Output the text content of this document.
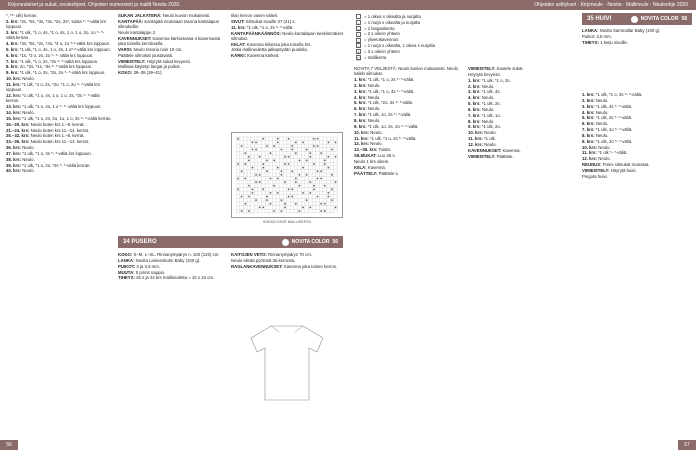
Kirjoneuleiset ja sukat, neuleohjeet. Ohjeiden numerointi ja mallit Novita 2020.

*, **- ulk) kerran.

2. krs: *2s, *5s, *3s, *3s, *2s, 2s*, toista *- *-väliä krs loppuun.

3. krs: *1 ulk, *1 o, 4s, *1 o, 4s, 1 o, 1 o, 2o, 1o *- *-väliä kerran.

4. krs: *3s, *5s, *2s, *4o, *4 o, 1o *-*-väliä krs loppuun.

5. krs: *1 ulk, *1 o, 4s, 1 o, 4s, 1 o*-*-väliä krs loppuun.

6. krs: *1s, *3 o, 2s, 2o *- *- väliä krs loppuun.

7. krs: *1 ulk, *1 o, 2s, *2s *- *-väliä krs loppuun.

8. krs: 2o, *2s, *1s, *3s *- *-väliä krs loppuun.

9. krs: *1 ulk, *1 o, 2s, *2s, 2o *- *-väliä krs loppuun.

10. krs: Neulo.

11. krs: *1 ulk, *1 o, 2s, *2o, *1 o, 2o *- *-väliä krs loppuun.

12. krs: *1 ulk, *1 o, 4s, 1 o, 1 o, 2s, *2s *- *-väliä kerran.

13. krs: *1 ulk, *1 o, 4s, 1 o *- *- väliä krs loppuun.

14. krs: Neulo.

15. krs: *1 ulk, *1 o, 2s, 2o, 1o, 1 o, 2s *- *-väliä kerran.

16.–20. krs: Neulo kuten krs 1.–9. kerrat.

21.–24. krs: Neulo kuten krs 11.–14. kerrat.

25.–32. krs: Neulo kuten krs 1.–8. kerrat.

33.–35. krs: Neulo kuten krs 11.–13. kerrat.

36. krs: Neulo.

37. krs: *1 ulk, *1 o, 4s *- *-väliä krs loppuun.

38. krs: Neulo.

39. krs: *1 ulk, *1 o, 2s, *2s *- *-väliä kerran.

40. krs: Neulo.

SUKAN JALKATERÄ: Neulo kuvion mukaisesti.

KANTAPÄÄ: Kantapää neulotaan tasona kantalapun silmukoilla.

Neulo kantalappu 2.

KAVENNUKSET: Kavenna kärkiosassa 4 kavennusta joka toisella kerroksella.

VARSI: Neulo resoria noin 10 cm.

Päättele silmukat joustavasti.

VIIMEISTELY: Höyrytä sukat kevyesti.

Mallissa käytetyt langat ja puikot.

KOKO: 36–38 (39–41).

tilan kerron vasen välieli.

SIVUT: Silmukat sivuille 37 (41) s.

11. krs: *1 ulk, *1 o, 2s *- *-väliä.

KANTAPÄÄNKÄÄNNÖS: Neulo kantalapun keskimmäiset silmukat.

KIILAT: Kavenna kiiloissa joka toisella krs.

Jatka mallineuletta jalkapöydän puolella.

KÄRKI: Kavenna kärkeä.

SUKKA OHJE MALLIKERTA
34 PUSERO	NOVITA COLOR 56

KOKO: S–M, L–XL. Rinnanympärys n. 100 (120) cm.

LANKA: Novita Laineenkolm Baby (100 g).

PUIKOT: 3 ja 3,5 mm.

MUUTA: 5 pinnit nappia.

TIHEYS: 26 s ja 34 krs mallineuletta = 10 x 10 cm.

KAITOJEN VETO: Rinnanympärys 70 cm.

Neulo sileää pyörönä 36 kerrosta.

RAGLANKAVENNUKSET: Kavenna joka toinen kerros.

56
Ohjeiden selitykset · Kirjoneule · Novita · Mallineule · Neuleohje 2020
= 1 oikea s oikealta ja nurjalta
•	= 1 nurja s oikealta ja nurjalta
o	= 1 langankierto
/	= 2 s oikein yhteen
\	= ylivetokavennus
−	= 1 nurja s oikealta, 1 oikea s nurjalta
Λ = 3 s oikein yhteen
▢ = mallikerta

NOVITA 7 VELJESTÄ: Neulo kuvion mukaisesti. Neulo kaikki silmukat.

1. krs: *1 ulk, *1 o, 2s *- *-väliä.

2. krs: Neulo.

3. krs: *1 ulk, *1 o, 4s *- *-väliä.

4. krs: Neulo.

5. krs: *1 ulk, *2o, 2s *- *-väliä.

6. krs: Neulo.

7. krs: *1 ulk, 1o, 2s *- *-väliä.

8. krs: Neulo.

9. krs: *1 ulk, 1o, 2s, 2o *- *-väliä.

10. krs: Neulo.

11. krs: *1 ulk, *1 o, 2s *- *-väliä.

12. krs: Neulo.

13.–36. krs: Toista.

SILMUKAT: Luo 48 s.

Neulo 1 krs oikein.

KIILA: Kavenna.

PÄÄTTELY: Päättele s.

VIIMEISTELY: Kastele sukat.

Höyrytä kevyesti.

1. krs: *1 ulk, *1 o, 2s.

2. krs: Neulo.

3. krs: *1 ulk, 4s.

4. krs: Neulo.

5. krs: *1 ulk, 2s.

6. krs: Neulo.

7. krs: *1 ulk, 1o.

8. krs: Neulo.

9. krs: *1 ulk, 2o.

10. krs: Neulo.

11. krs: *1 ulk.

12. krs: Neulo.

KAVENNUKSET: Kavenna.

VIIMEISTELY: Päättele.

35 HUIVI	NOVITA COLOR 58

LANKA: Novita Sammallar Baby (100 g).

Puikot: 3,5 mm.

TIHEYS: 1 ketju sivuille.

1. krs: *1 ulk, *1 o, 2s *- *-väliä.

2. krs: Neulo.

3. krs: *1 ulk, 4s *- *-väliä.

4. krs: Neulo.

5. krs: *1 ulk, 2s *- *-väliä.

6. krs: Neulo.

7. krs: *1 ulk, 1o *- *-väliä.

8. krs: Neulo.

9. krs: *1 ulk, 2o *- *-väliä.

10. krs: Neulo.

11. krs: *1 ulk *- *-väliä.

12. krs: Neulo.

REUNUS: Poimi silmukat reunasta.

VIIMEISTELY: Höyrytä huivi.

Pingota huivi.

57
